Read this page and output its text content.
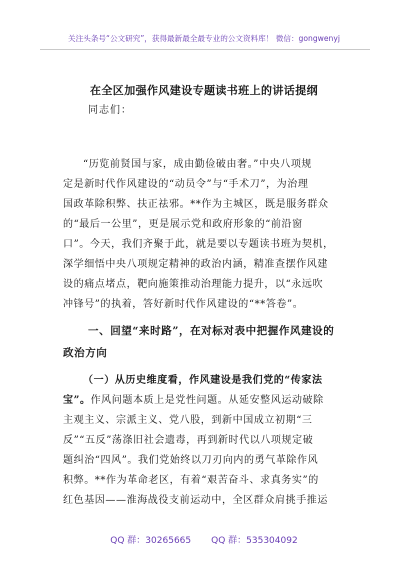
关注头条号“公文研究”，获得最新最全最专业的公文资料库！ 微信：gongwenyj
在全区加强作风建设专题读书班上的讲话提纲
同志们：
“历览前贤国与家，成由勤俭破由奢。”中央八项规
定是新时代作风建设的“动员令”与“手术刀”，为治理
国政革除积弊、扶正祛邪。**作为主城区，既是服务群众
的“最后一公里”，更是展示党和政府形象的“前沿窗
口”。今天，我们齐聚于此，就是要以专题读书班为契机，
深学细悟中央八项规定精神的政治内涵，精准查摆作风建
设的痛点堵点，靶向施策推动治理能力提升，以“永远吹
冲锋号”的执着，答好新时代作风建设的“**答卷”。
一、回望“来时路”，在对标对表中把握作风建设的
政治方向
（一）从历史维度看，作风建设是我们党的“传家法
宝”。作风问题本质上是党性问题。从延安整风运动破除
主观主义、宗派主义、党八股，到新中国成立初期“三
反”“五反”荡涤旧社会遗毒，再到新时代以八项规定破
题纠治“四风”。我们党始终以刀刃向内的勇气革除作风
积弊。**作为革命老区，有着“艰苦奋斗、求真务实”的
红色基因——淮海战役支前运动中，全区群众肩挑手推运
QQ 群：30265665 QQ 群：535304092
